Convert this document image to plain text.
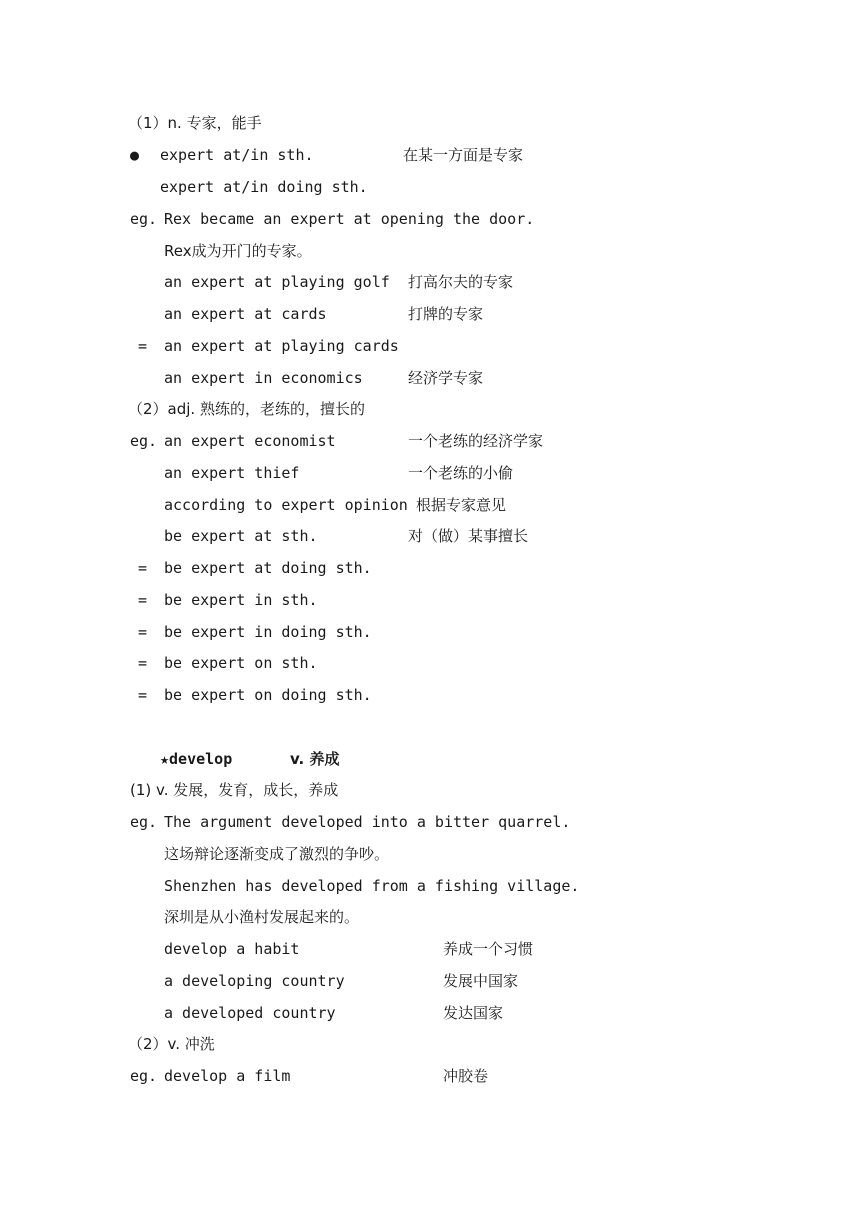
（1）n. 专家，能手
● expert at/in sth.	在某一方面是专家
expert at/in doing sth.
eg. Rex became an expert at opening the door.
Rex成为开门的专家。
an expert at playing golf 打高尔夫的专家
an expert at cards	打牌的专家
= an expert at playing cards
an expert in economics	经济学专家
（2）adj. 熟练的，老练的，擅长的
eg. an expert economist	一个老练的经济学家
an expert thief	一个老练的小偷
according to expert opinion 根据专家意见
be expert at sth.	对（做）某事擅长
= be expert at doing sth.
= be expert in sth.
= be expert in doing sth.
= be expert on sth.
= be expert on doing sth.
★develop	v. 养成
(1) v. 发展，发育，成长，养成
eg. The argument developed into a bitter quarrel.
这场辩论逐渐变成了激烈的争吵。
Shenzhen has developed from a fishing village.
深圳是从小渔村发展起来的。
develop a habit	养成一个习惯
a developing country	发展中国家
a developed country	发达国家
（2）v. 冲洗
eg. develop a film	冲胶卷
